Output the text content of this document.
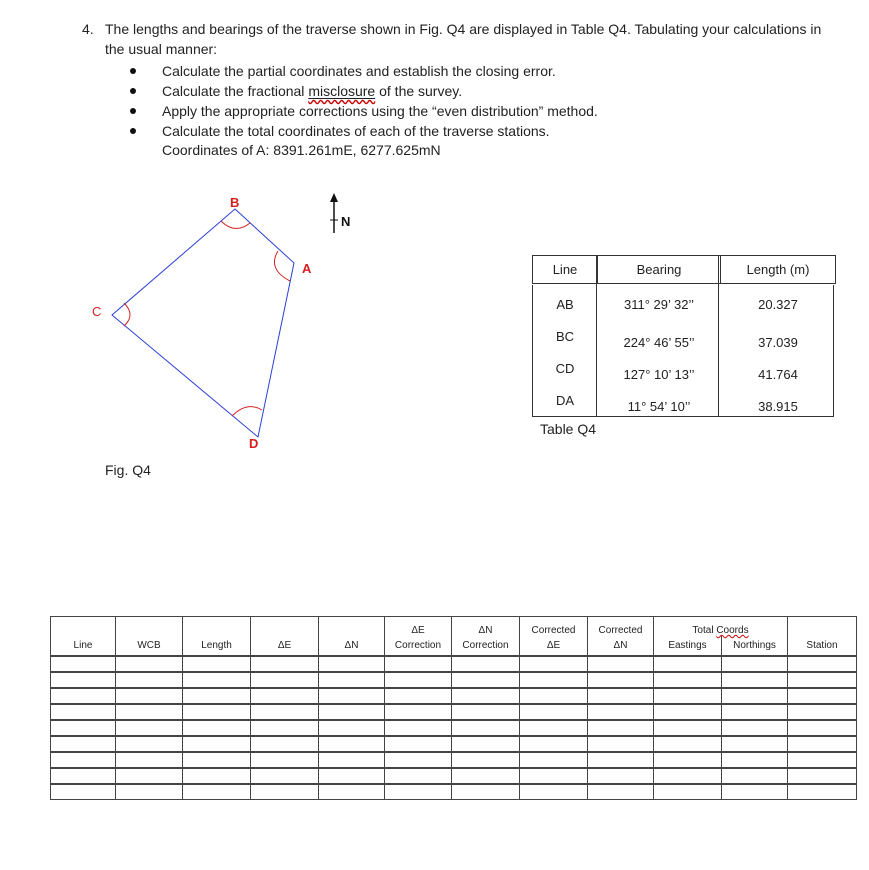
4. The lengths and bearings of the traverse shown in Fig. Q4 are displayed in Table Q4. Tabulating your calculations in
the usual manner:
Calculate the partial coordinates and establish the closing error.
Calculate the fractional misclosure of the survey.
Apply the appropriate corrections using the “even distribution” method.
Calculate the total coordinates of each of the traverse stations.
Coordinates of A: 8391.261mE, 6277.625mN
B
A
C
D
N
Fig. Q4
Line	Bearing	Length (m)
AB	311° 29’ 32’’	20.327
BC	224° 46’ 55’’	37.039
CD	127° 10’ 13’’	41.764
DA	11° 54’ 10’’	38.915
Table Q4
					ΔE	ΔN	Corrected	Corrected	Total Coords		
Line	WCB	Length	ΔE	ΔN	Correction	Correction	ΔE	ΔN	Eastings	Northings	Station
